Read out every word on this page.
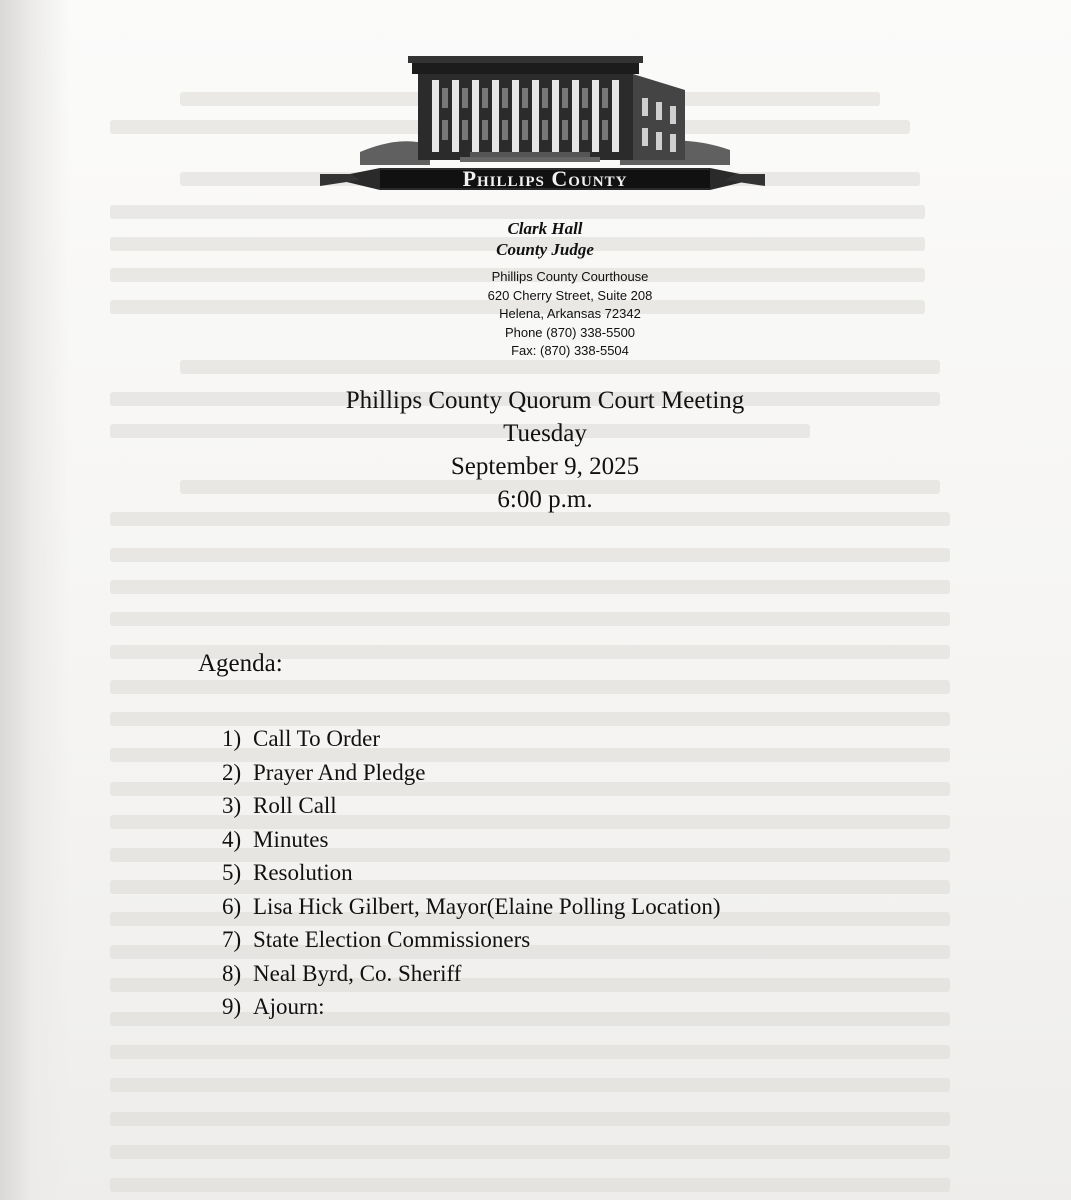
Phillips County

Clark Hall

County Judge

Phillips County Courthouse

620 Cherry Street, Suite 208

Helena, Arkansas 72342

Phone (870) 338-5500

Fax: (870) 338-5504

Phillips County Quorum Court Meeting
Tuesday
September 9, 2025
6:00 p.m.
Agenda:
1) Call To Order
2) Prayer And Pledge
3) Roll Call
4) Minutes
5) Resolution
6) Lisa Hick Gilbert, Mayor(Elaine Polling Location)
7) State Election Commissioners
8) Neal Byrd, Co. Sheriff
9) Ajourn:
